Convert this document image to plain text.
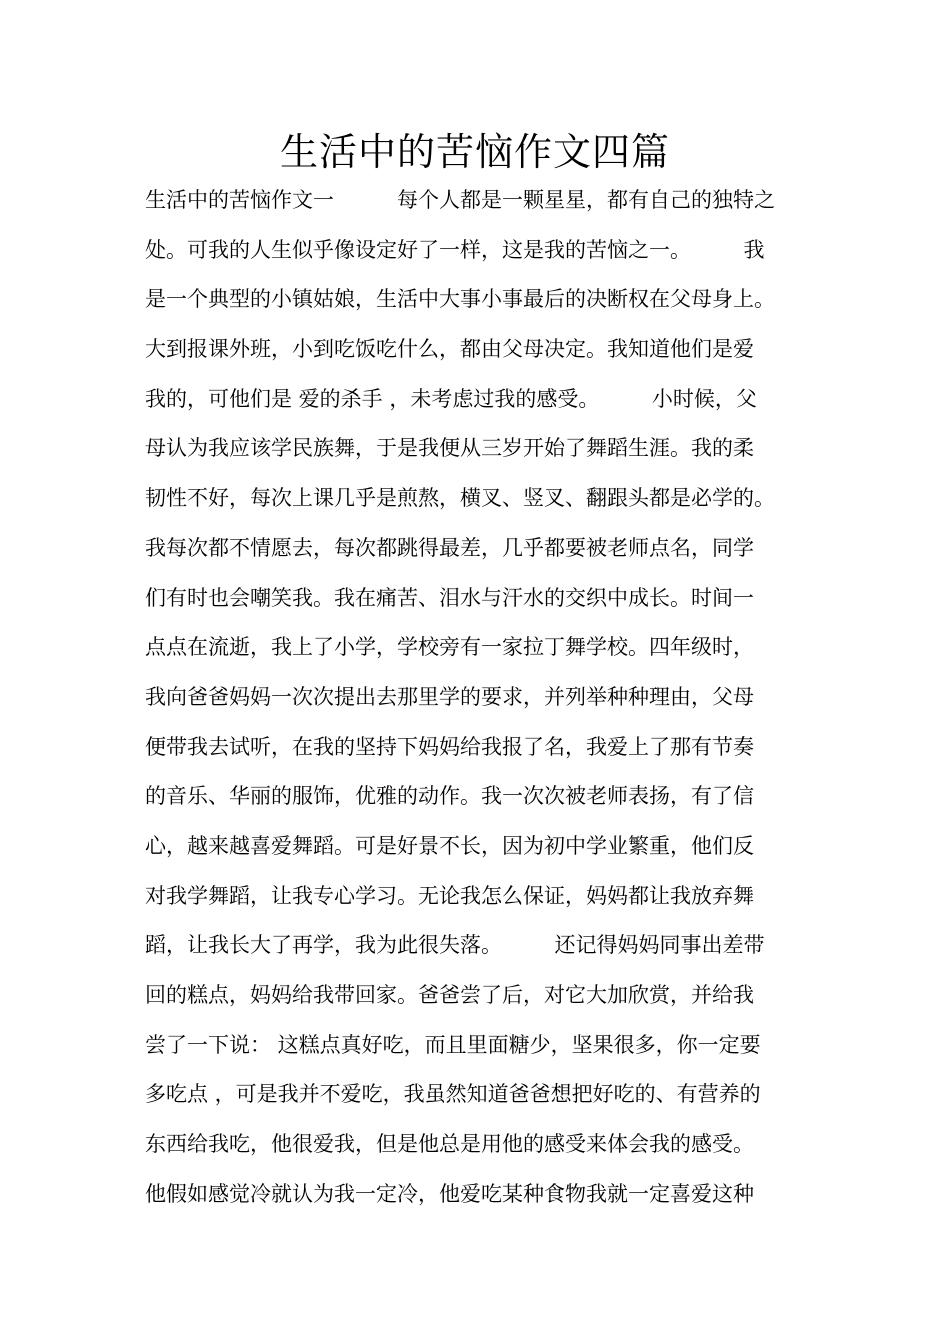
生活中的苦恼作文四篇
生活中的苦恼作文一　　　每个人都是一颗星星，都有自己的独特之
处。可我的人生似乎像设定好了一样，这是我的苦恼之一。　　　我
是一个典型的小镇姑娘，生活中大事小事最后的决断权在父母身上。
大到报课外班，小到吃饭吃什么，都由父母决定。我知道他们是爱
我的，可他们是 爱的杀手 ，未考虑过我的感受。　　　小时候，父
母认为我应该学民族舞，于是我便从三岁开始了舞蹈生涯。我的柔
韧性不好，每次上课几乎是煎熬，横叉、竖叉、翻跟头都是必学的。
我每次都不情愿去，每次都跳得最差，几乎都要被老师点名，同学
们有时也会嘲笑我。我在痛苦、泪水与汗水的交织中成长。时间一
点点在流逝，我上了小学，学校旁有一家拉丁舞学校。四年级时，
我向爸爸妈妈一次次提出去那里学的要求，并列举种种理由，父母
便带我去试听，在我的坚持下妈妈给我报了名，我爱上了那有节奏
的音乐、华丽的服饰，优雅的动作。我一次次被老师表扬，有了信
心，越来越喜爱舞蹈。可是好景不长，因为初中学业繁重，他们反
对我学舞蹈，让我专心学习。无论我怎么保证，妈妈都让我放弃舞
蹈，让我长大了再学，我为此很失落。　　　还记得妈妈同事出差带
回的糕点，妈妈给我带回家。爸爸尝了后，对它大加欣赏，并给我
尝了一下说： 这糕点真好吃，而且里面糖少，坚果很多，你一定要
多吃点 ，可是我并不爱吃，我虽然知道爸爸想把好吃的、有营养的
东西给我吃，他很爱我，但是他总是用他的感受来体会我的感受。
他假如感觉冷就认为我一定冷，他爱吃某种食物我就一定喜爱这种
